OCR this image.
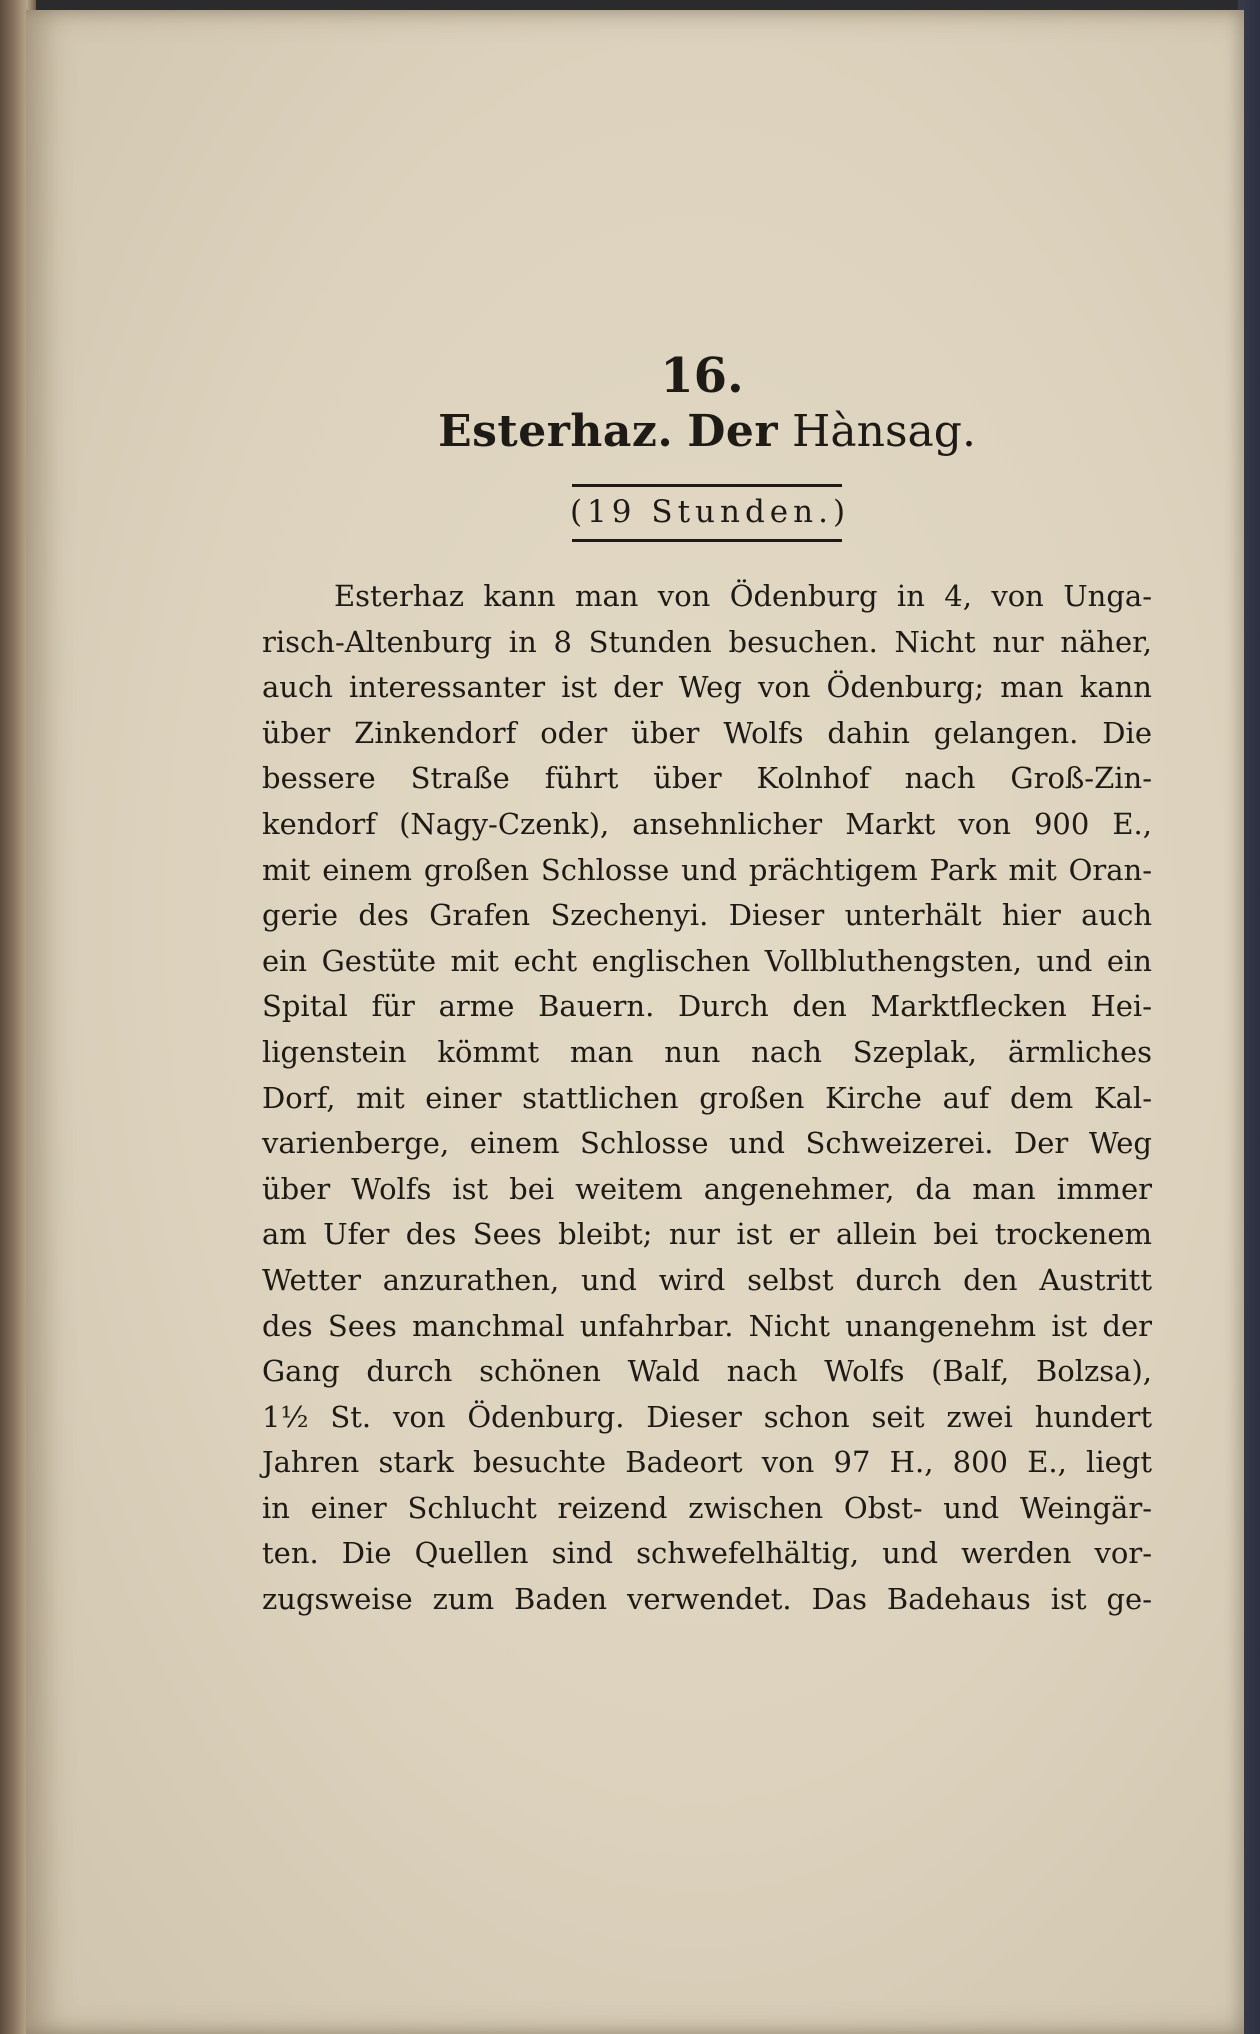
16.
Esterhaz. Der Hànsag.
(19 Stunden.)
Esterhaz kann man von Ödenburg in 4, von Unga-
risch-Altenburg in 8 Stunden besuchen. Nicht nur näher,
auch interessanter ist der Weg von Ödenburg; man kann
über Zinkendorf oder über Wolfs dahin gelangen. Die
bessere Straße führt über Kolnhof nach Groß-Zin-
kendorf (Nagy-Czenk), ansehnlicher Markt von 900 E.,
mit einem großen Schlosse und prächtigem Park mit Oran-
gerie des Grafen Szechenyi. Dieser unterhält hier auch
ein Gestüte mit echt englischen Vollbluthengsten, und ein
Spital für arme Bauern. Durch den Marktflecken Hei-
ligenstein kömmt man nun nach Szeplak, ärmliches
Dorf, mit einer stattlichen großen Kirche auf dem Kal-
varienberge, einem Schlosse und Schweizerei. Der Weg
über Wolfs ist bei weitem angenehmer, da man immer
am Ufer des Sees bleibt; nur ist er allein bei trockenem
Wetter anzurathen, und wird selbst durch den Austritt
des Sees manchmal unfahrbar. Nicht unangenehm ist der
Gang durch schönen Wald nach Wolfs (Balf, Bolzsa),
1½ St. von Ödenburg. Dieser schon seit zwei hundert
Jahren stark besuchte Badeort von 97 H., 800 E., liegt
in einer Schlucht reizend zwischen Obst- und Weingär-
ten. Die Quellen sind schwefelhältig, und werden vor-
zugsweise zum Baden verwendet. Das Badehaus ist ge-
